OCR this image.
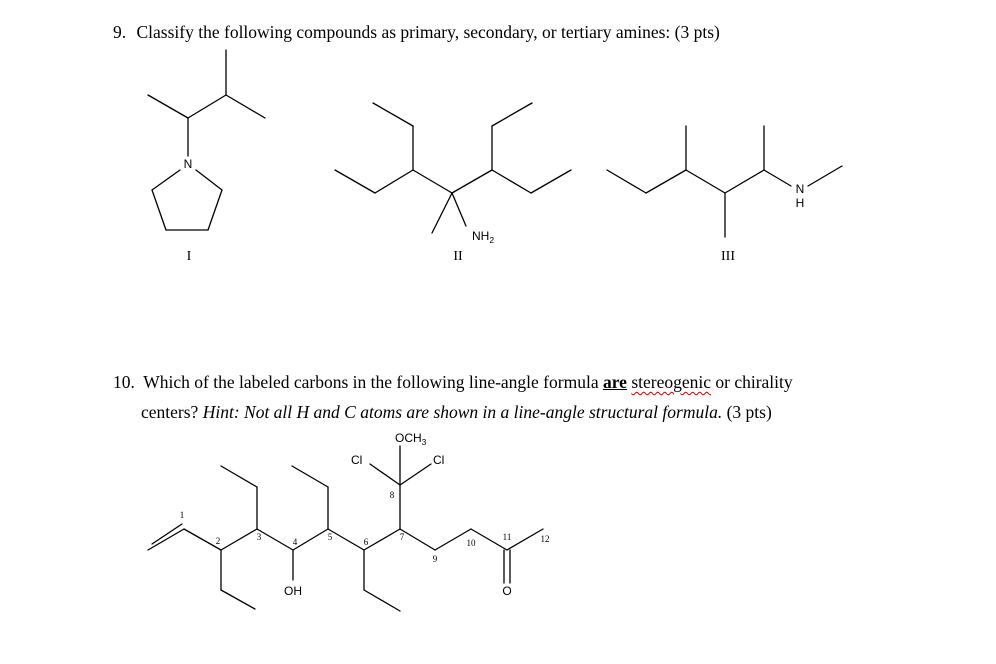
9. Classify the following compounds as primary, secondary, or tertiary amines: (3 pts)
10. Which of the labeled carbons in the following line-angle formula are stereogenic or chirality
centers? Hint: Not all H and C atoms are shown in a line-angle structural formula. (3 pts)
N
I
$NH_2$
II
N
H
III
$OCH_3$
Cl	Cl
OH	O
1
2	3	4	5	6	7
8
9
10
11	12
